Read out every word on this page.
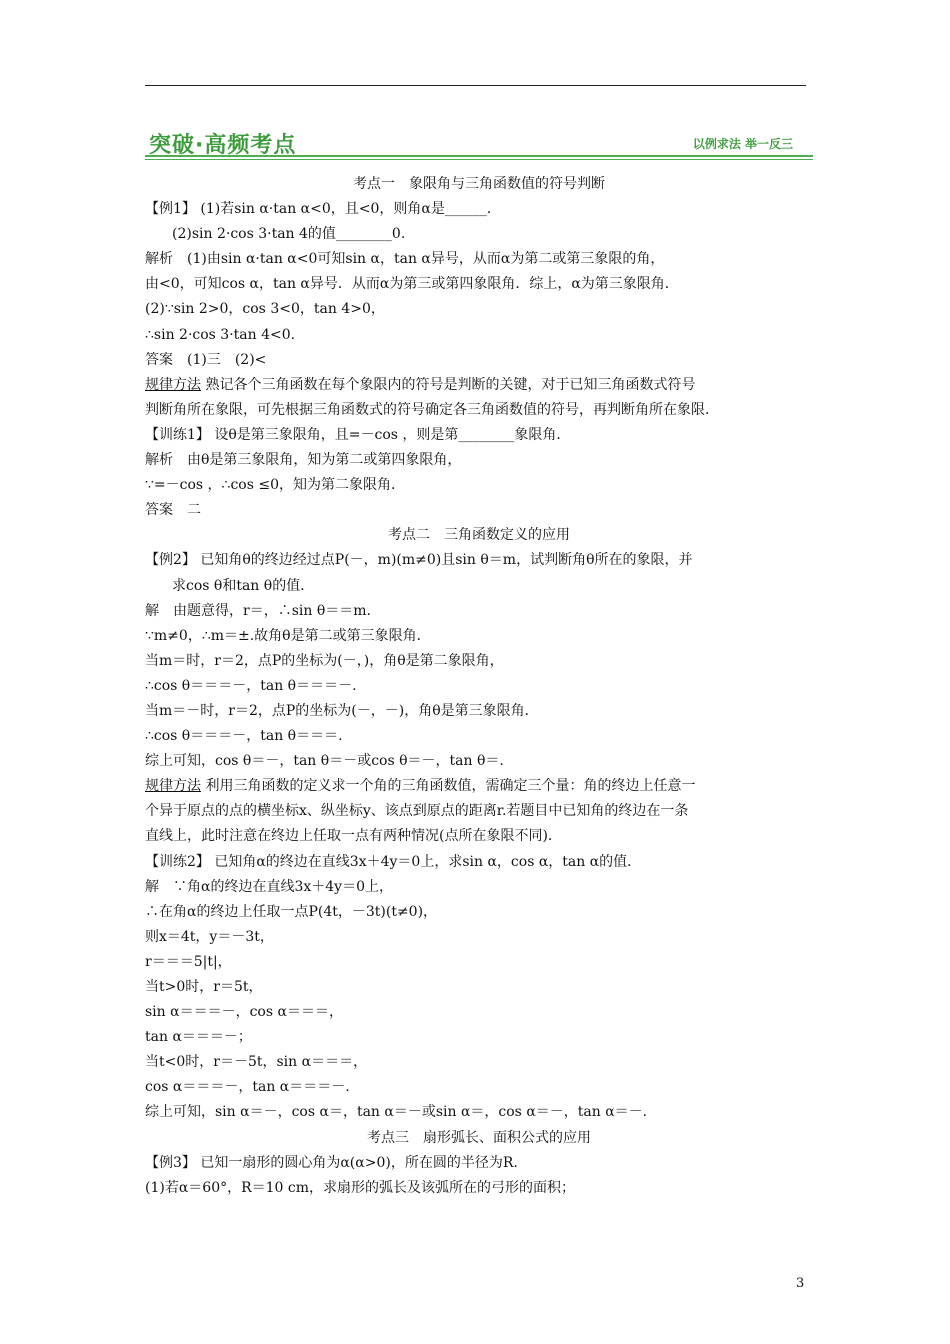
突破·高频考点	以例求法 举一反三
考点一　象限角与三角函数值的符号判断
【例1】 (1)若sin α·tan α<0，且<0，则角α是______．
(2)sin 2·cos 3·tan 4的值________0.
解析　(1)由sin α·tan α<0可知sin α，tan α异号，从而α为第二或第三象限的角，
由<0，可知cos α，tan α异号．从而α为第三或第四象限角．综上，α为第三象限角．
(2)∵sin 2>0，cos 3<0，tan 4>0，
∴sin 2·cos 3·tan 4<0.
答案　(1)三　(2)<
规律方法 熟记各个三角函数在每个象限内的符号是判断的关键，对于已知三角函数式符号
判断角所在象限，可先根据三角函数式的符号确定各三角函数值的符号，再判断角所在象限．
【训练1】 设θ是第三象限角，且=－cos ，则是第________象限角．
解析　由θ是第三象限角，知为第二或第四象限角，
∵=－cos ，∴cos ≤0，知为第二象限角．
答案　二
考点二　三角函数定义的应用
【例2】 已知角θ的终边经过点P(－，m)(m≠0)且sin θ＝m，试判断角θ所在的象限，并
求cos θ和tan θ的值．
解　由题意得，r＝，∴sin θ＝＝m.
∵m≠0，∴m＝±.故角θ是第二或第三象限角．
当m＝时，r＝2，点P的坐标为(－，)，角θ是第二象限角，
∴cos θ＝＝＝－，tan θ＝＝＝－.
当m＝－时，r＝2，点P的坐标为(－，－)，角θ是第三象限角．
∴cos θ＝＝＝－，tan θ＝＝＝.
综上可知，cos θ＝－，tan θ＝－或cos θ＝－，tan θ＝.
规律方法 利用三角函数的定义求一个角的三角函数值，需确定三个量：角的终边上任意一
个异于原点的点的横坐标x、纵坐标y、该点到原点的距离r.若题目中已知角的终边在一条
直线上，此时注意在终边上任取一点有两种情况(点所在象限不同)．
【训练2】 已知角α的终边在直线3x＋4y＝0上，求sin α，cos α，tan α的值．
解　∵角α的终边在直线3x＋4y＝0上，
∴在角α的终边上任取一点P(4t，－3t)(t≠0)，
则x＝4t，y＝－3t，
r＝＝＝5|t|，
当t>0时，r＝5t，
sin α＝＝＝－，cos α＝＝＝，
tan α＝＝＝－；
当t<0时，r＝－5t，sin α＝＝＝，
cos α＝＝＝－，tan α＝＝＝－.
综上可知，sin α＝－，cos α＝，tan α＝－或sin α＝，cos α＝－，tan α＝－.
考点三　扇形弧长、面积公式的应用
【例3】 已知一扇形的圆心角为α(α>0)，所在圆的半径为R.
(1)若α＝60°，R＝10 cm，求扇形的弧长及该弧所在的弓形的面积；
3
